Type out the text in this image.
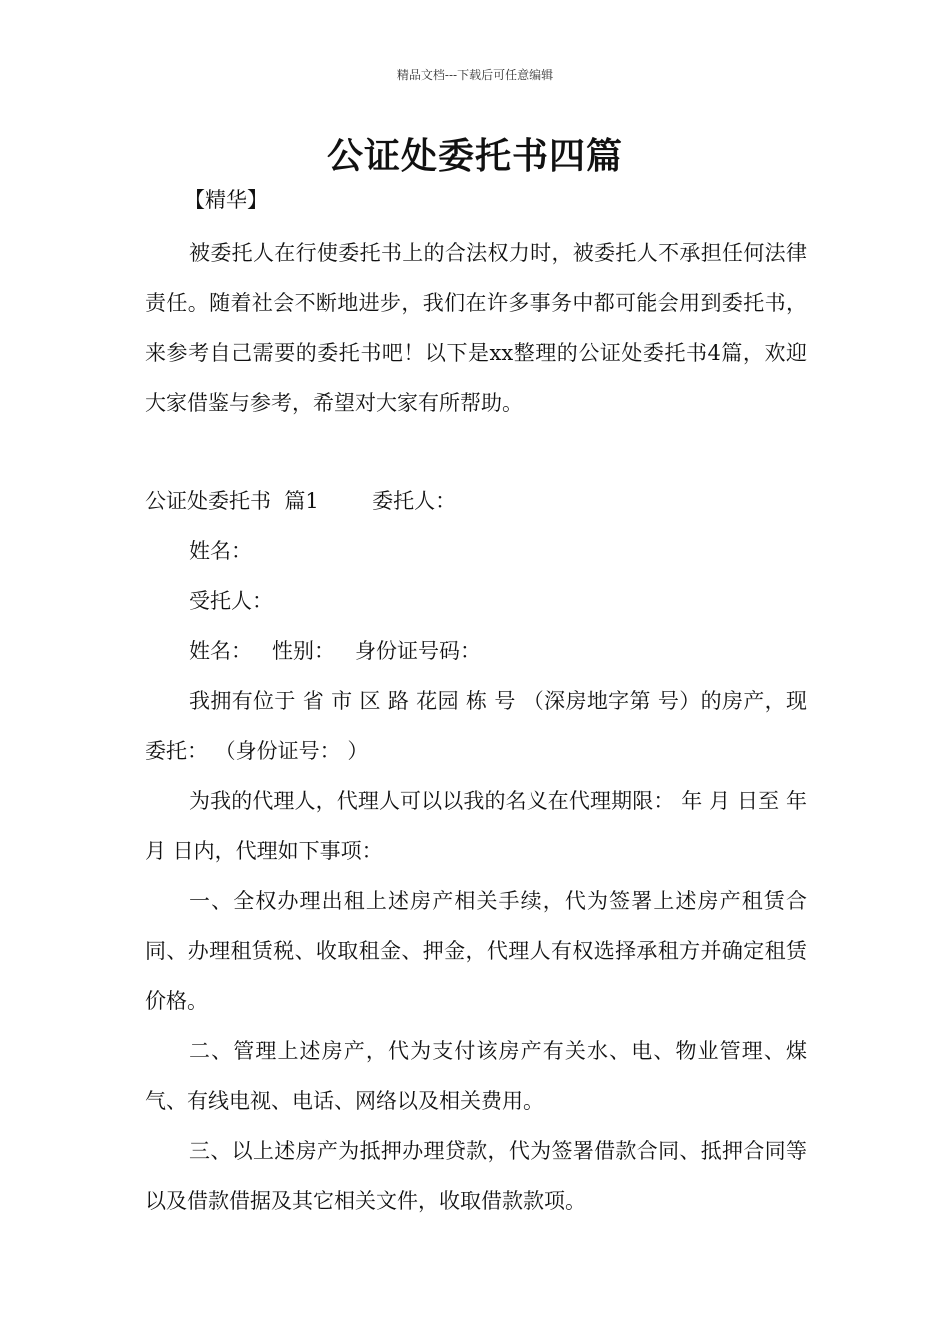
精品文档---下载后可任意编辑
公证处委托书四篇
【精华】

被委托人在行使委托书上的合法权力时，被委托人不承担任何法律责任。随着社会不断地进步，我们在许多事务中都可能会用到委托书，来参考自己需要的委托书吧！以下是xx整理的公证处委托书4篇，欢迎大家借鉴与参考，希望对大家有所帮助。

公证处委托书  篇1        委托人：

姓名：

受托人：

姓名：   性别：   身份证号码：

我拥有位于 省 市 区 路 花园 栋 号 （深房地字第 号）的房产，现委托： （身份证号： ）

为我的代理人，代理人可以以我的名义在代理期限： 年 月 日至 年 月 日内，代理如下事项：

一、全权办理出租上述房产相关手续，代为签署上述房产租赁合同、办理租赁税、收取租金、押金，代理人有权选择承租方并确定租赁价格。

二、管理上述房产，代为支付该房产有关水、电、物业管理、煤气、有线电视、电话、网络以及相关费用。

三、以上述房产为抵押办理贷款，代为签署借款合同、抵押合同等以及借款借据及其它相关文件，收取借款款项。
